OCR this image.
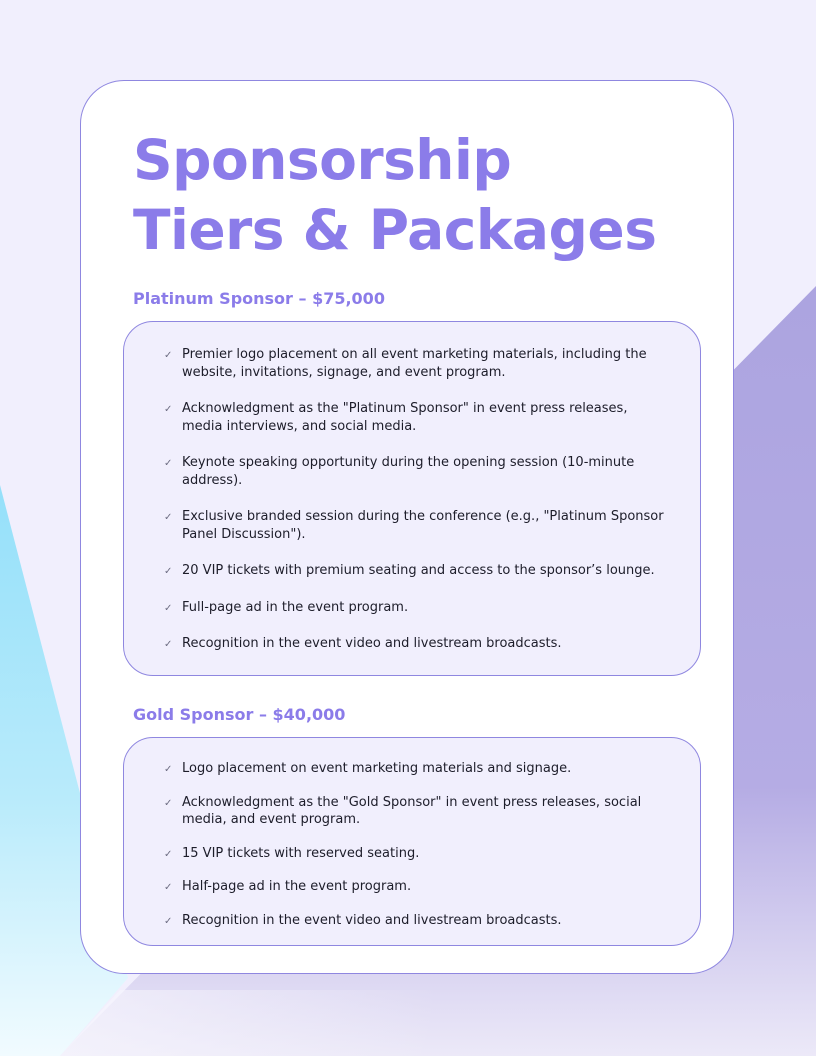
Sponsorship
Tiers & Packages
Platinum Sponsor – $75,000
✓ Premier logo placement on all event marketing materials, including the website, invitations, signage, and event program.
✓ Acknowledgment as the "Platinum Sponsor" in event press releases, media interviews, and social media.
✓ Keynote speaking opportunity during the opening session (10-minute address).
✓ Exclusive branded session during the conference (e.g., "Platinum Sponsor Panel Discussion").
✓ 20 VIP tickets with premium seating and access to the sponsor’s lounge.
✓ Full-page ad in the event program.
✓ Recognition in the event video and livestream broadcasts.
Gold Sponsor – $40,000
✓ Logo placement on event marketing materials and signage.
✓ Acknowledgment as the "Gold Sponsor" in event press releases, social media, and event program.
✓ 15 VIP tickets with reserved seating.
✓ Half-page ad in the event program.
✓ Recognition in the event video and livestream broadcasts.
